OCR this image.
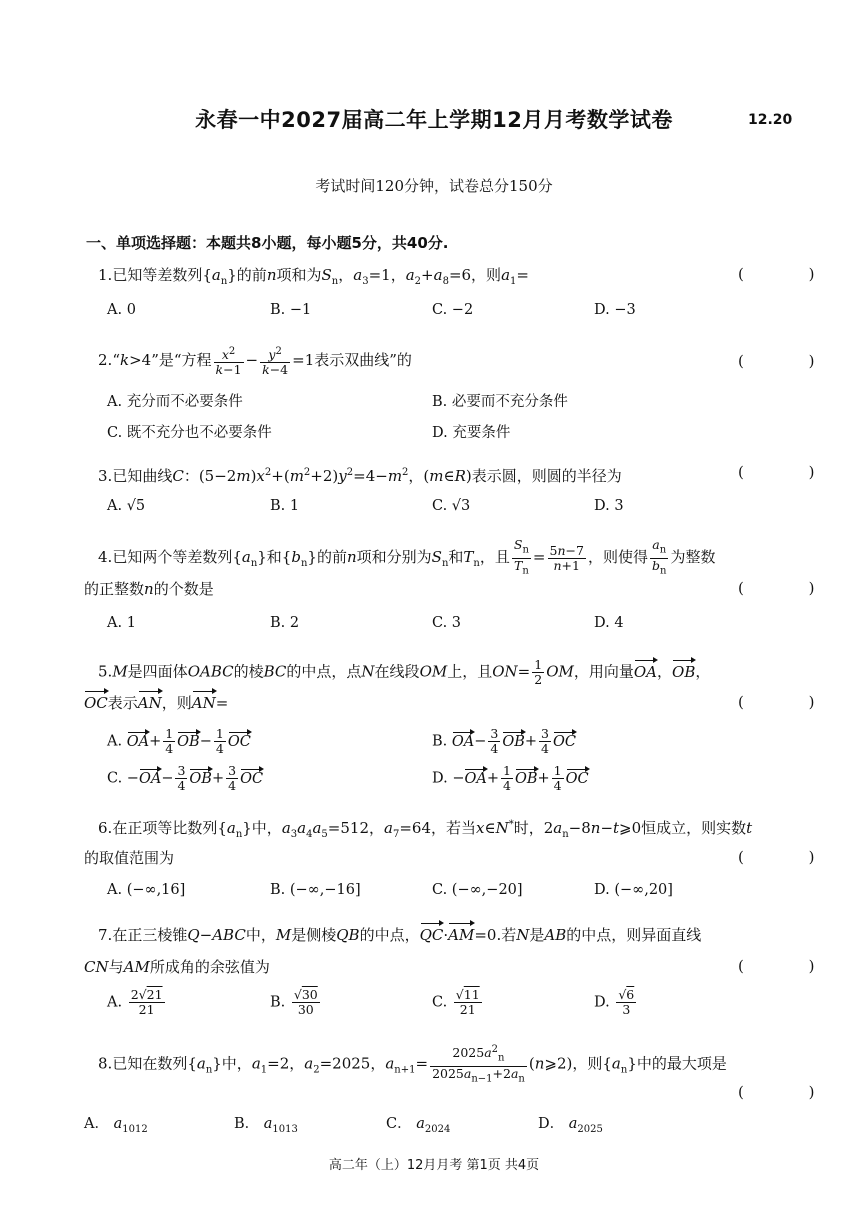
永春一中2027届高二年上学期12月月考数学试卷	12.20
考试时间120分钟，试卷总分150分
一、单项选择题：本题共8小题，每小题5分，共40分.
1.已知等差数列$\{a_n\}$的前n项和为$S_n$，$a_3=1$，$a_2+a_8=6$，则$a_1=$	( )
A. 0	B. −1	C. −2	D. −3
2.“k>4”是“方程 $\frac{x^2}{k-1} - \frac{y^2}{k-4} =1$表示双曲线”的	( )
A. 充分而不必要条件	B. 必要而不充分条件
C. 既不充分也不必要条件	D. 充要条件
3.已知曲线C：$(5-2m)x^2+(m^2+2)y^2=4-m^2$，(m∈R)表示圆，则圆的半径为	( )
A. √5	B. 1	C. √3	D. 3
4.已知两个等差数列$\{a_n\}$和$\{b_n\}$的前n项和分别为$S_n$和$T_n$，且 $\frac{S_n}{T_n} = \frac{5n-7}{n+1}$ ，则使得 $\frac{a_n}{b_n}$ 为整数
的正整数n的个数是	( )
A. 1	B. 2	C. 3	D. 4
5.M是四面体OABC的棱BC的中点，点N在线段OM上，且$ON= \frac{1}{2}$ OM，用向量OA，OB，
OC表示AN，则AN=	( )
A. $OA+ \frac{1}{4} OB- \frac{1}{4}$ OC	B. $OA- \frac{3}{4} OB+ \frac{3}{4}$ OC
C. $-OA- \frac{3}{4} OB+ \frac{3}{4}$ OC	D. $-OA+ \frac{1}{4} OB+ \frac{1}{4}$ OC
6.在正项等比数列$\{a_n\}$中，$a_3a_4a_5=512$，$a_7=64$，若当x∈N*时，$2a_n-8n-t⩾0$恒成立，则实数t
的取值范围为	( )
A. (−∞,16]	B. (−∞,−16]	C. (−∞,−20]	D. (−∞,20]
7.在正三棱锥Q−ABC中，M是侧棱QB的中点，QC·AM=0.若N是AB的中点，则异面直线
CN与AM所成角的余弦值为	( )
A. $\frac{2√21}{21}$	B. $\frac{√30}{30}$	C. $\frac{√11}{21}$	D. $\frac{√6}{3}$
8.已知在数列$\{a_n\}$中，$a_1=2$，$a_2=2025$，$a_{n+1}= \frac{2025a^2_n}{2025a_{n-1}+2a_n}$ (n⩾2)，则$\{a_n\}$中的最大项是
( )
A． $a_{1012}$	B． $a_{1013}$	C． $a_{2024}$	D． $a_{2025}$
高二年（上）12月月考 第1页 共4页
